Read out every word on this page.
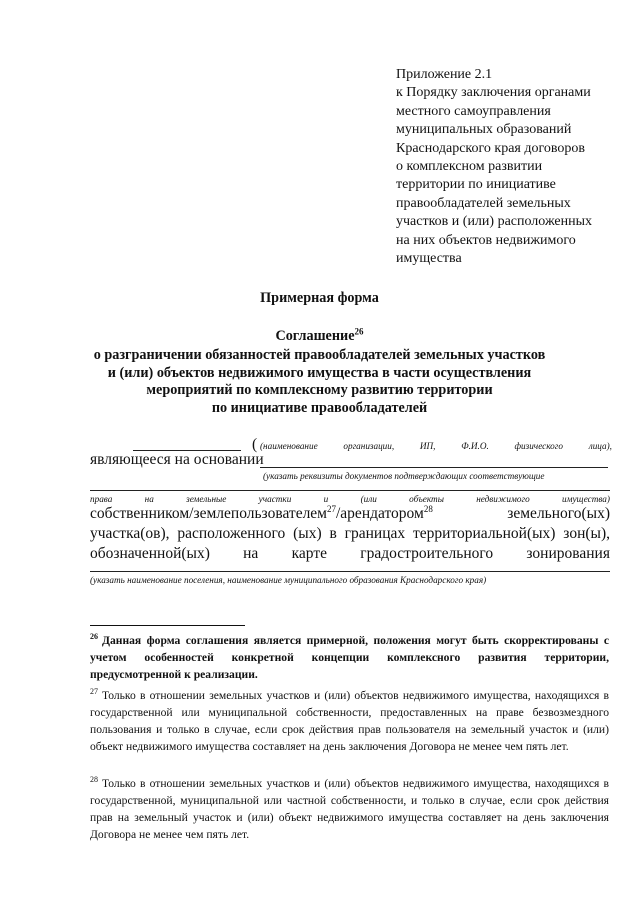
Приложение 2.1
к Порядку заключения органами
местного самоуправления
муниципальных образований
Краснодарского края договоров
о комплексном развитии
территории по инициативе
правообладателей земельных
участков и (или) расположенных
на них объектов недвижимого
имущества
Примерная форма
Соглашение$^{26}$
о разграничении обязанностей правообладателей земельных участков
и (или) объектов недвижимого имущества в части осуществления
мероприятий по комплексному развитию территории
по инициативе правообладателей
( (наименование	организации,	ИП,	Ф.И.О.	физического	лица),
являющееся на основании
(указать реквизиты документов подтверждающих соответствующие
права	на	земельные	участки	и	(или	объекты	недвижимого	имущества)
собственником/землепользователем$^{27}$/арендатором$^{28}$	земельного(ых)
участка(ов), расположенного (ых) в границах территориальной(ых) зон(ы),
обозначенной(ых) на карте градостроительного зонирования
(указать наименование поселения, наименование муниципального образования Краснодарского края)
$^{26}$ Данная форма соглашения является примерной, положения могут быть скорректированы с учетом особенностей конкретной концепции комплексного развития территории, предусмотренной к реализации.
$^{27}$ Только в отношении земельных участков и (или) объектов недвижимого имущества, находящихся в государственной или муниципальной собственности, предоставленных на праве безвозмездного пользования и только в случае, если срок действия прав пользователя на земельный участок и (или) объект недвижимого имущества составляет на день заключения Договора не менее чем пять лет.
$^{28}$ Только в отношении земельных участков и (или) объектов недвижимого имущества, находящихся в государственной, муниципальной или частной собственности, и только в случае, если срок действия прав на земельный участок и (или) объект недвижимого имущества составляет на день заключения Договора не менее чем пять лет.
